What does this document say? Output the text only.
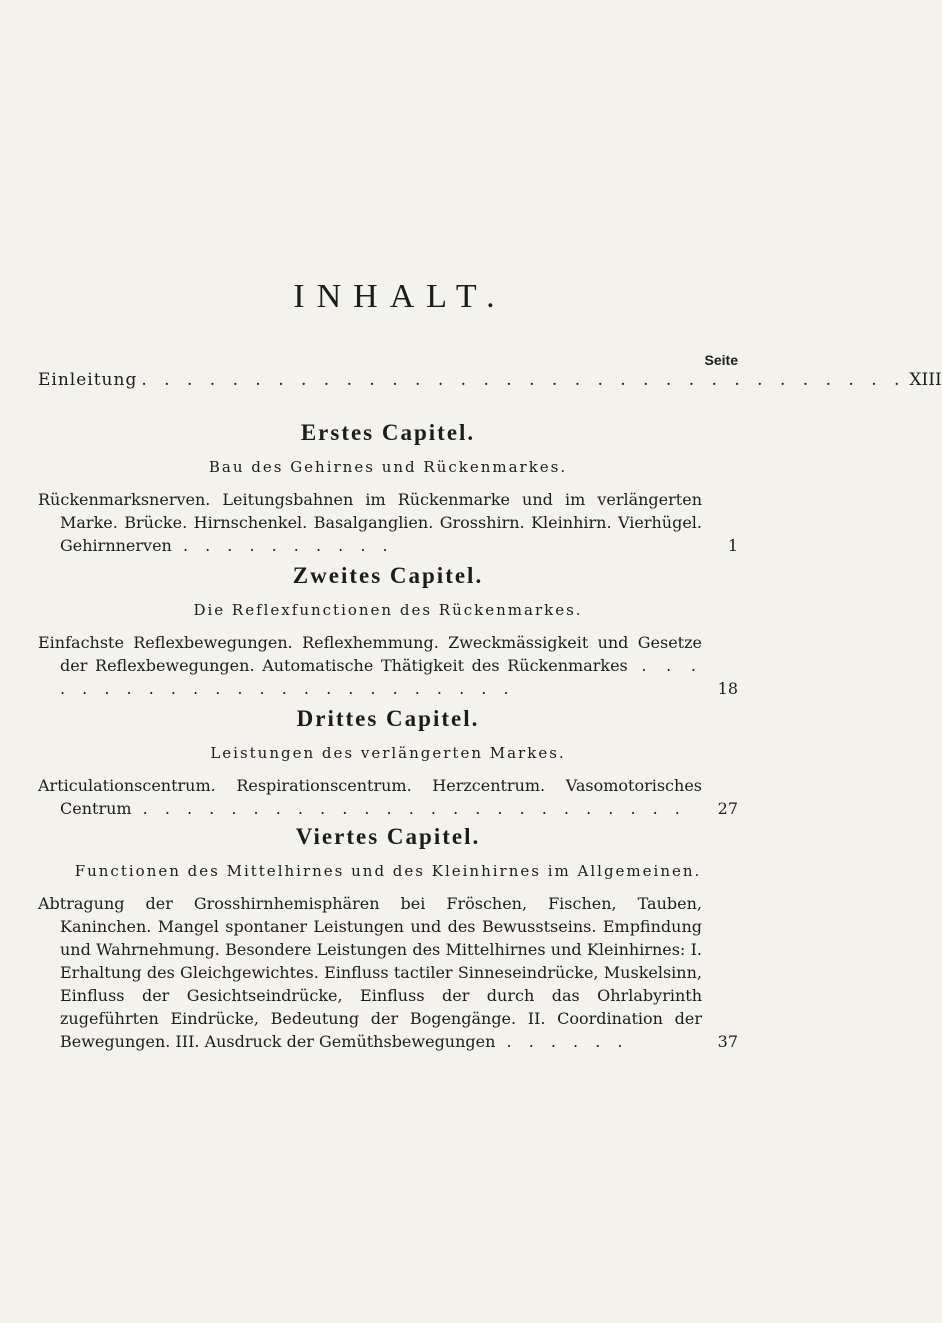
INHALT.
Seite
Einleitung . . . . . . . . . . . . . . . . . . . . . . . . . . . . . . . . . . XIII
Erstes Capitel.
Bau des Gehirnes und Rückenmarkes.
Rückenmarksnerven. Leitungsbahnen im Rückenmarke und im verlängerten Marke. Brücke. Hirnschenkel. Basalganglien. Grosshirn. Kleinhirn. Vierhügel. Gehirnnerven . . . . . . . . . .	1
Zweites Capitel.
Die Reflexfunctionen des Rückenmarkes.
Einfachste Reflexbewegungen. Reflexhemmung. Zweckmässigkeit und Gesetze der Reflexbewegungen. Automatische Thätigkeit des Rückenmarkes . . . . . . . . . . . . . . . . . . . . . . . .	18
Drittes Capitel.
Leistungen des verlängerten Markes.
Articulationscentrum. Respirationscentrum. Herzcentrum. Vasomotorisches Centrum . . . . . . . . . . . . . . . . . . . . . . . . . 27
Viertes Capitel.
Functionen des Mittelhirnes und des Kleinhirnes im Allgemeinen.
Abtragung der Grosshirnhemisphären bei Fröschen, Fischen, Tauben, Kaninchen. Mangel spontaner Leistungen und des Bewusstseins. Empfindung und Wahrnehmung. Besondere Leistungen des Mittelhirnes und Kleinhirnes: I. Erhaltung des Gleichgewichtes. Einfluss tactiler Sinneseindrücke, Muskelsinn, Einfluss der Gesichtseindrücke, Einfluss der durch das Ohrlabyrinth zugeführten Eindrücke, Bedeutung der Bogengänge. II. Coordination der Bewegungen. III. Ausdruck der Gemüthsbewegungen . . . . . .	37
